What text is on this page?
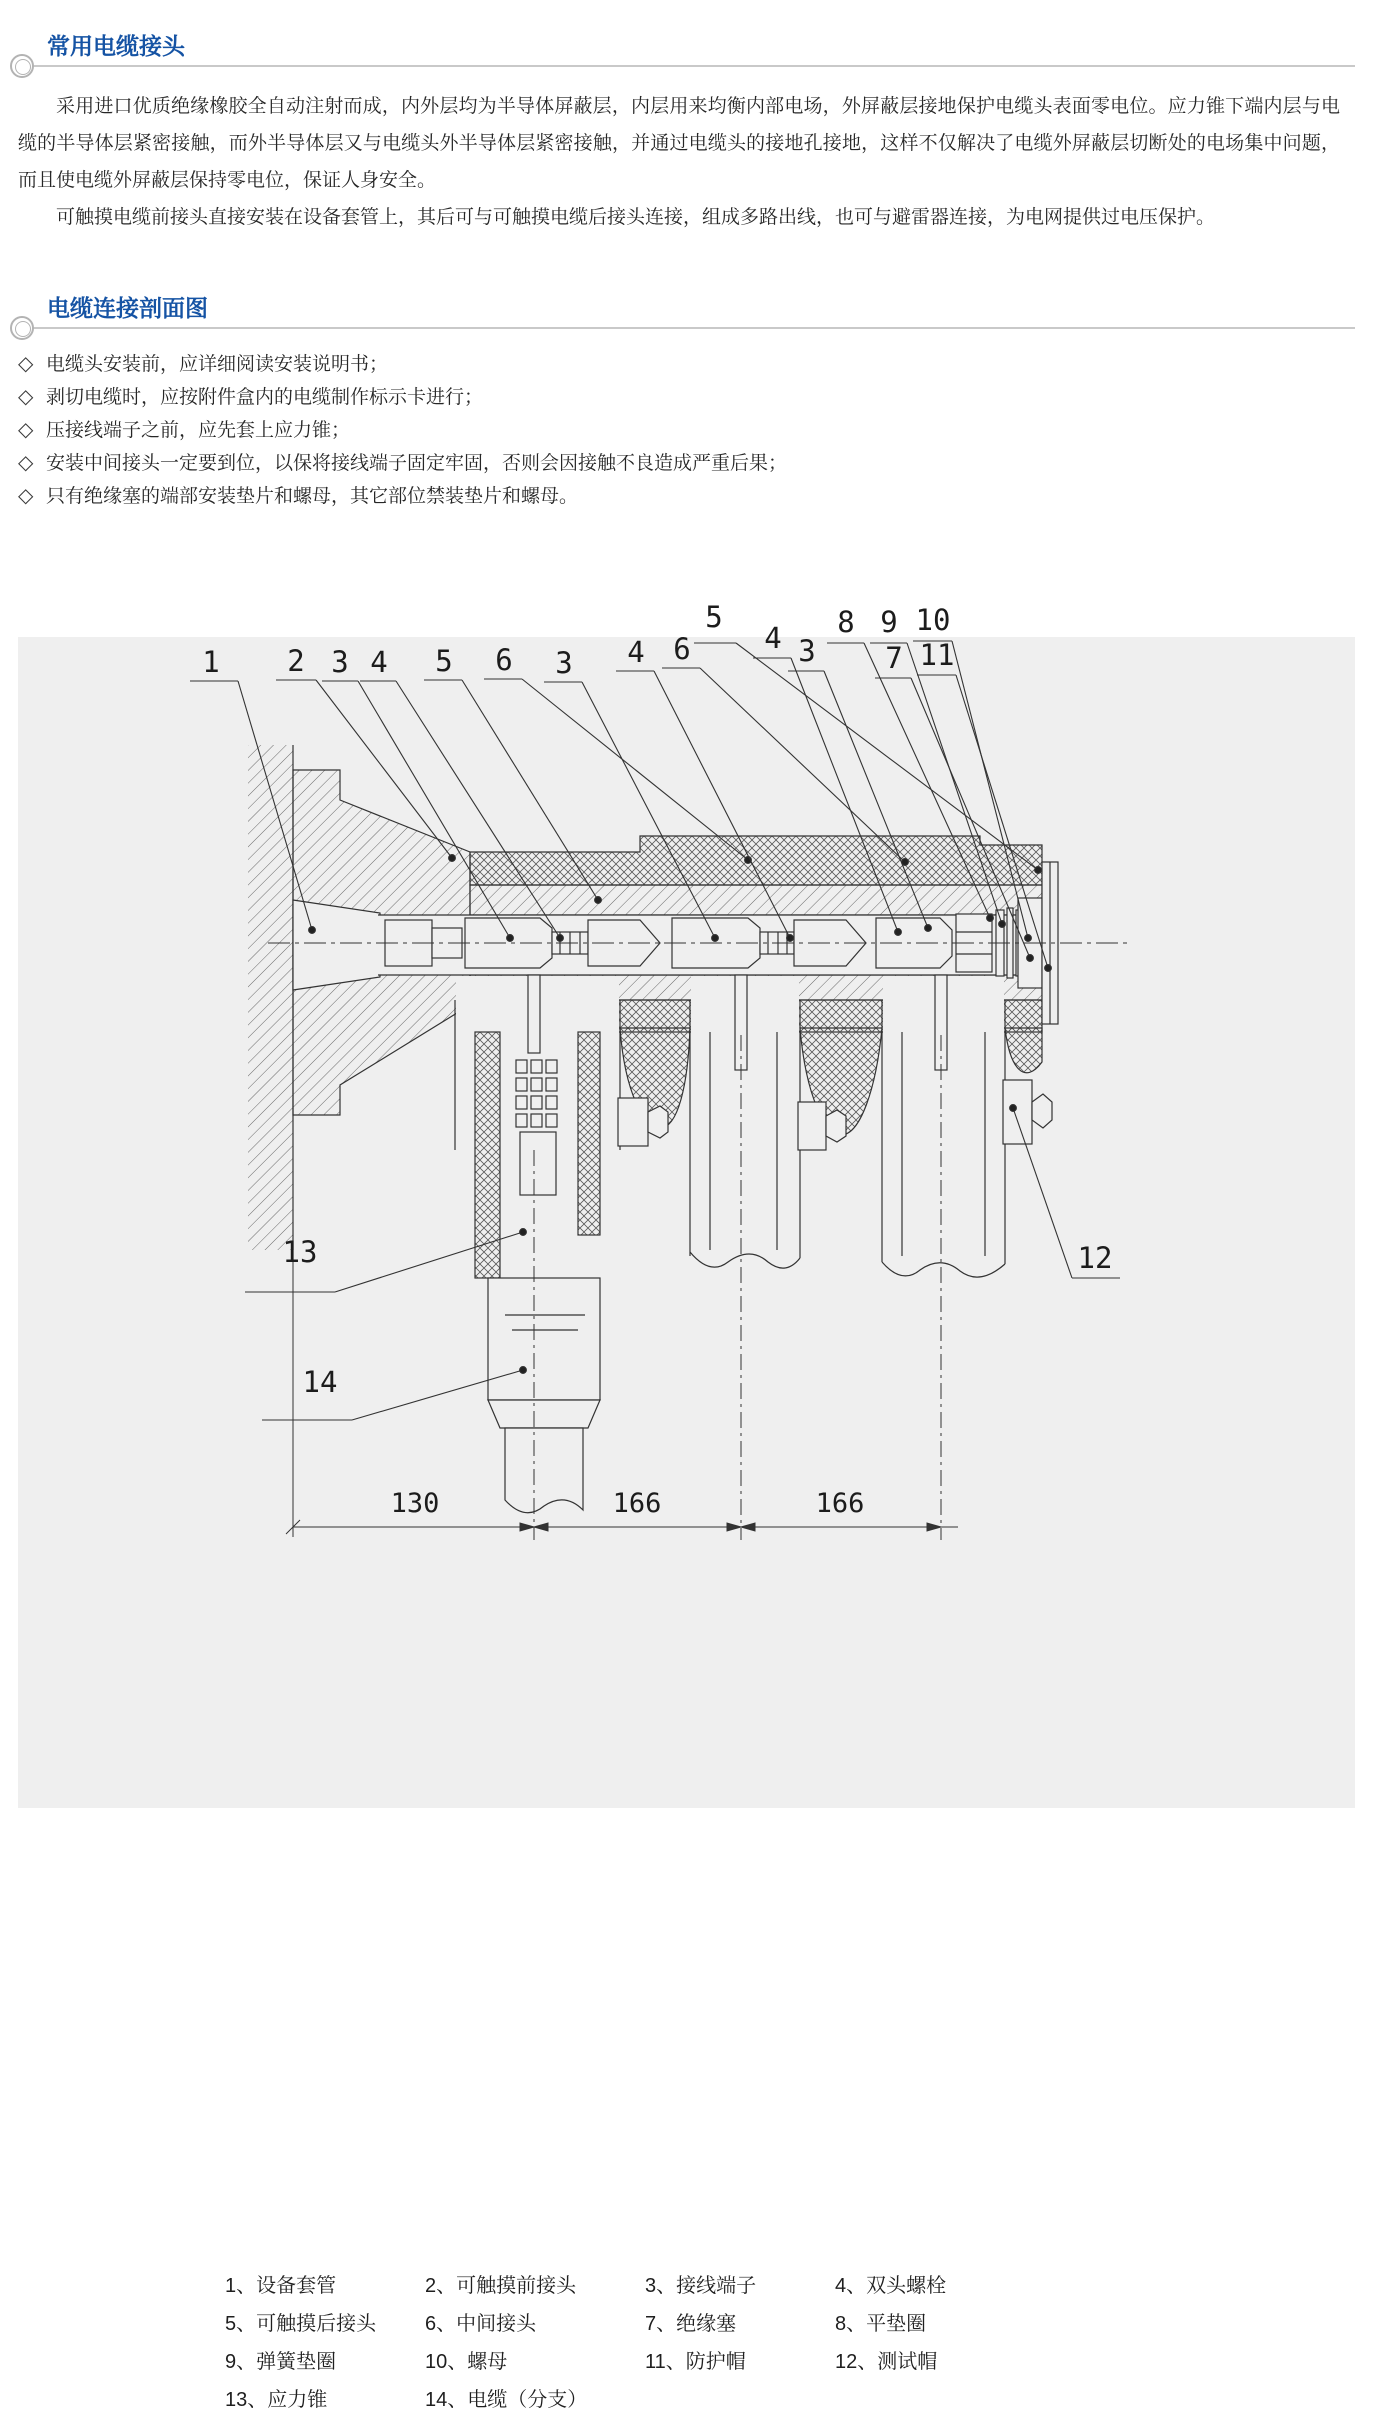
常用电缆接头

采用进口优质绝缘橡胶全自动注射而成，内外层均为半导体屏蔽层，内层用来均衡内部电场，外屏蔽层接地保护电缆头表面零电位。应力锥下端内层与电缆的半导体层紧密接触，而外半导体层又与电缆头外半导体层紧密接触，并通过电缆头的接地孔接地，这样不仅解决了电缆外屏蔽层切断处的电场集中问题，而且使电缆外屏蔽层保持零电位，保证人身安全。

可触摸电缆前接头直接安装在设备套管上，其后可与可触摸电缆后接头连接，组成多路出线，也可与避雷器连接，为电网提供过电压保护。

电缆连接剖面图
◇ 电缆头安装前，应详细阅读安装说明书；
◇ 剥切电缆时，应按附件盒内的电缆制作标示卡进行；
◇ 压接线端子之前，应先套上应力锥；
◇ 安装中间接头一定要到位，以保将接线端子固定牢固，否则会因接触不良造成严重后果；
◇ 只有绝缘塞的端部安装垫片和螺母，其它部位禁装垫片和螺母。
1 2 3 4 5 6 3 4 6
5
4 3
8 9 10
7 11
12
13
14
130	166	166
1、设备套管	2、可触摸前接头	3、接线端子	4、双头螺栓
5、可触摸后接头	6、中间接头	7、绝缘塞	8、平垫圈
9、弹簧垫圈	10、螺母	11、防护帽	12、测试帽
13、应力锥	14、电缆（分支）
